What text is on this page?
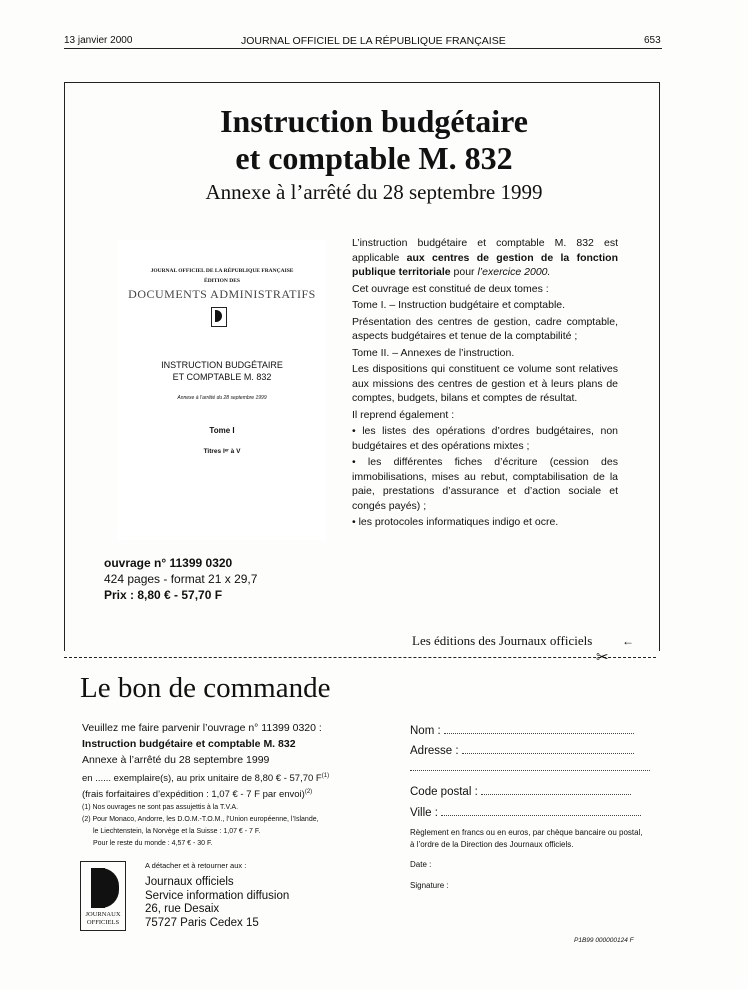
13 janvier 2000	JOURNAL OFFICIEL DE LA RÉPUBLIQUE FRANÇAISE	653
Instruction budgétaire
et comptable M. 832
Annexe à l’arrêté du 28 septembre 1999
JOURNAL OFFICIEL DE LA RÉPUBLIQUE FRANÇAISE
ÉDITION DES
DOCUMENTS ADMINISTRATIFS
INSTRUCTION BUDGÉTAIRE
ET COMPTABLE M. 832
Annexe à l’arrêté du 28 septembre 1999
Tome I
Titres Iᵉʳ à V
ouvrage n° 11399 0320
424 pages - format 21 x 29,7
Prix : 8,80 € - 57,70 F

L’instruction budgétaire et comptable M. 832 est applicable aux centres de gestion de la fonction publique territoriale pour l’exercice 2000.

Cet ouvrage est constitué de deux tomes :

Tome I. – Instruction budgétaire et comptable.

Présentation des centres de gestion, cadre comptable, aspects budgétaires et tenue de la comptabilité ;

Tome II. – Annexes de l’instruction.

Les dispositions qui constituent ce volume sont relatives aux missions des centres de gestion et à leurs plans de comptes, budgets, bilans et comptes de résultat.

Il reprend également :

• les listes des opérations d’ordres budgétaires, non budgétaires et des opérations mixtes ;

• les différentes fiches d’écriture (cession des immobilisations, mises au rebut, comptabilisation de la paie, prestations d’assurance et d’action sociale et congés payés) ;

• les protocoles informatiques indigo et ocre.

Les éditions des Journaux officiels ←
✂
Le bon de commande
Veuillez me faire parvenir l’ouvrage n° 11399 0320 :
Instruction budgétaire et comptable M. 832
Annexe à l’arrêté du 28 septembre 1999
en ...... exemplaire(s), au prix unitaire de 8,80 € - 57,70 $F^{(1)}$
(frais forfaitaires d’expédition : 1,07 € - 7 F par envoi)$^{(2)}$
(1) Nos ouvrages ne sont pas assujettis à la T.V.A.
(2) Pour Monaco, Andorre, les D.O.M.-T.O.M., l’Union européenne, l’Islande,
le Liechtenstein, la Norvège et la Suisse : 1,07 € - 7 F.
Pour le reste du monde : 4,57 € - 30 F.
A détacher et à retourner aux :
Journaux officiels
Service information diffusion
26, rue Desaix
75727 Paris Cedex 15
JOURNAUX
OFFICIELS
Nom :
Adresse :
Code postal :
Ville :
Règlement en francs ou en euros, par chèque bancaire ou postal, à l’ordre de la Direction des Journaux officiels.
Date :
Signature :
P1B99 000000124 F
